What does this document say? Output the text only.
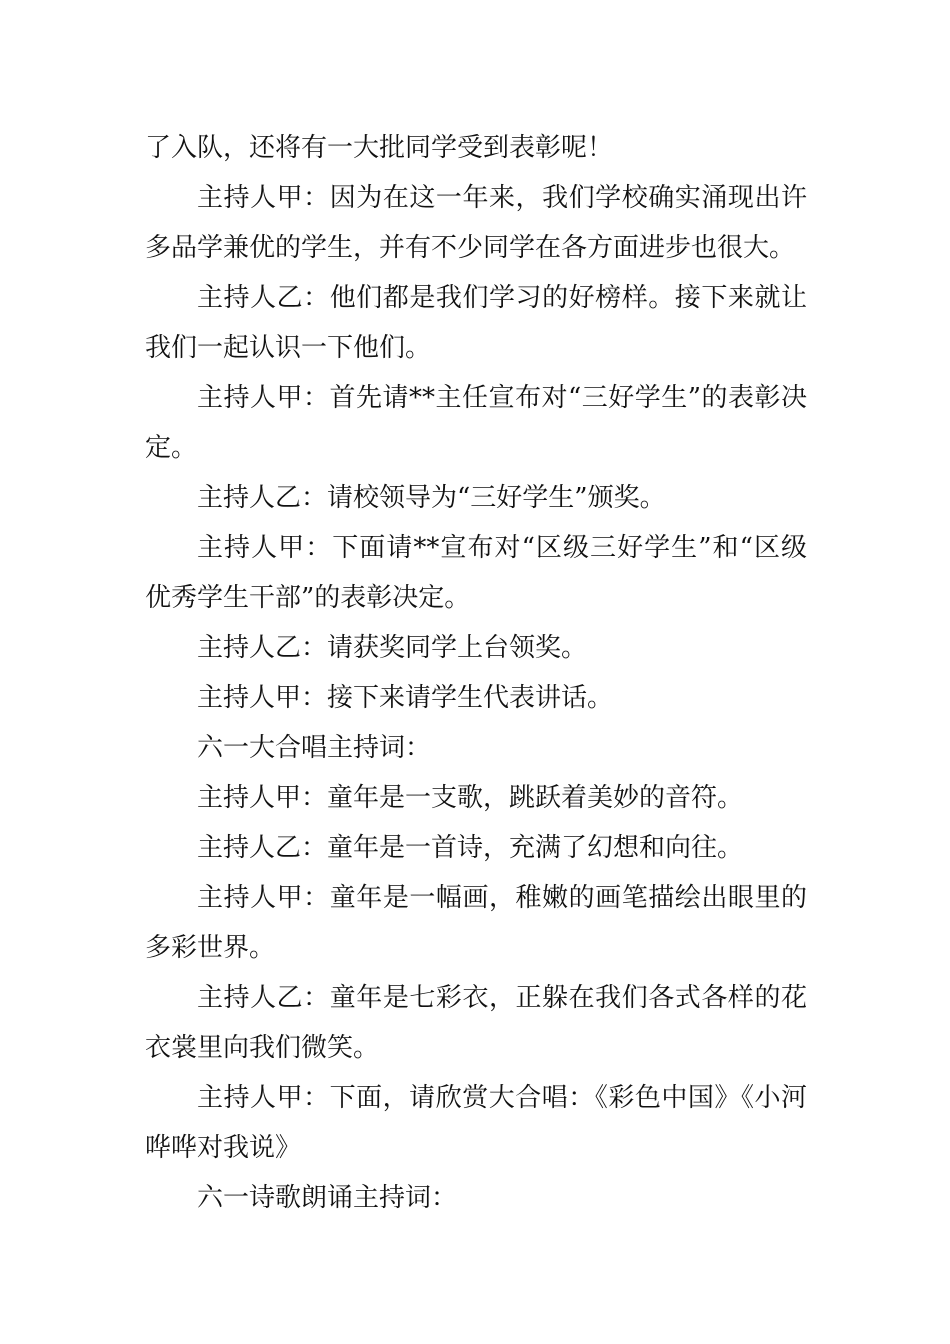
了入队，还将有一大批同学受到表彰呢！

主持人甲：因为在这一年来，我们学校确实涌现出许多品学兼优的学生，并有不少同学在各方面进步也很大。

主持人乙：他们都是我们学习的好榜样。接下来就让我们一起认识一下他们。

主持人甲：首先请**主任宣布对“三好学生”的表彰决定。

主持人乙：请校领导为“三好学生”颁奖。

主持人甲：下面请**宣布对“区级三好学生”和“区级优秀学生干部”的表彰决定。

主持人乙：请获奖同学上台领奖。

主持人甲：接下来请学生代表讲话。

六一大合唱主持词：

主持人甲：童年是一支歌，跳跃着美妙的音符。

主持人乙：童年是一首诗，充满了幻想和向往。

主持人甲：童年是一幅画，稚嫩的画笔描绘出眼里的多彩世界。

主持人乙：童年是七彩衣，正躲在我们各式各样的花衣裳里向我们微笑。

主持人甲：下面，请欣赏大合唱：《彩色中国》《小河哗哗对我说》

六一诗歌朗诵主持词：
